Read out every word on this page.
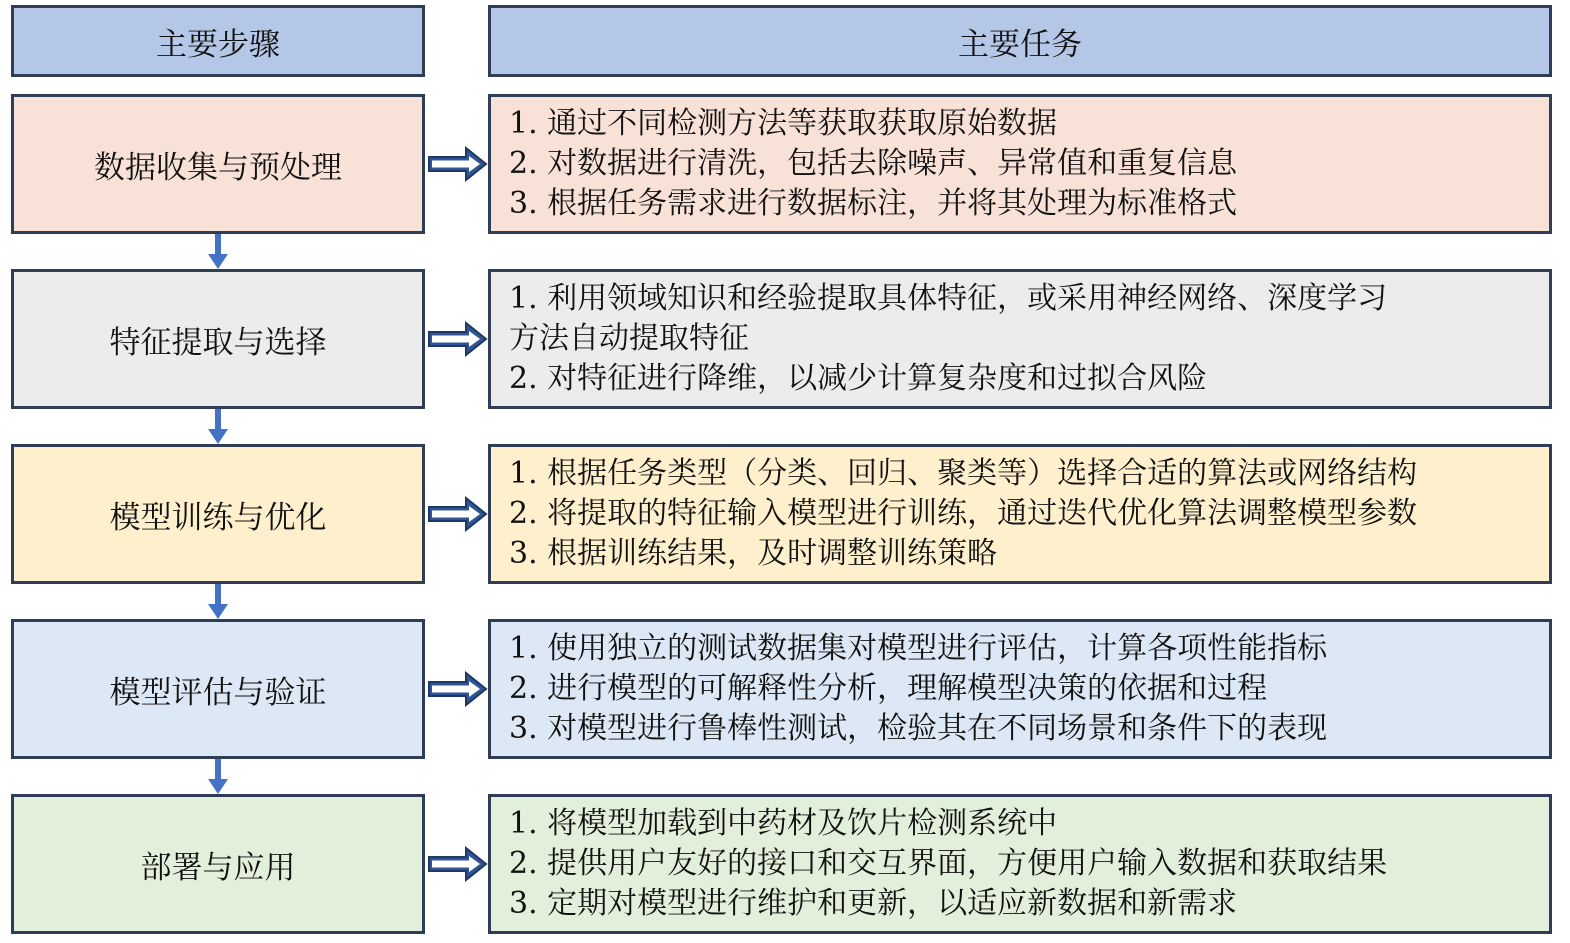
主要步骤	主要任务
数据收集与预处理
1. 通过不同检测方法等获取获取原始数据
2. 对数据进行清洗，包括去除噪声、异常值和重复信息
3. 根据任务需求进行数据标注，并将其处理为标准格式
特征提取与选择
1. 利用领域知识和经验提取具体特征，或采用神经网络、深度学习
方法自动提取特征
2. 对特征进行降维，以减少计算复杂度和过拟合风险
模型训练与优化
1. 根据任务类型（分类、回归、聚类等）选择合适的算法或网络结构
2. 将提取的特征输入模型进行训练，通过迭代优化算法调整模型参数
3. 根据训练结果，及时调整训练策略
模型评估与验证
1. 使用独立的测试数据集对模型进行评估，计算各项性能指标
2. 进行模型的可解释性分析，理解模型决策的依据和过程
3. 对模型进行鲁棒性测试，检验其在不同场景和条件下的表现
部署与应用
1. 将模型加载到中药材及饮片检测系统中
2. 提供用户友好的接口和交互界面，方便用户输入数据和获取结果
3. 定期对模型进行维护和更新，以适应新数据和新需求
